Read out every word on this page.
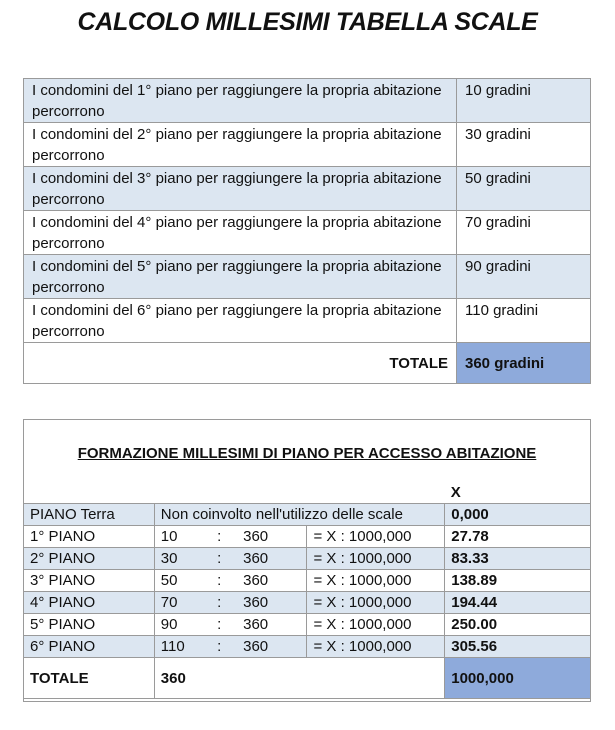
CALCOLO MILLESIMI TABELLA SCALE
I condomini del 1° piano per raggiungere la propria abitazione percorrono	10 gradini
I condomini del 2° piano per raggiungere la propria abitazione percorrono	30 gradini
I condomini del 3° piano per raggiungere la propria abitazione percorrono	50 gradini
I condomini del 4° piano per raggiungere la propria abitazione percorrono	70 gradini
I condomini del 5° piano per raggiungere la propria abitazione percorrono	90 gradini
I condomini del 6° piano per raggiungere la propria abitazione percorrono	110 gradini
TOTALE	360 gradini
FORMAZIONE MILLESIMI DI PIANO PER ACCESSO ABITAZIONE					
					X
PIANO Terra	Non coinvolto nell'utilizzo delle scale				0,000
1° PIANO	10	:	360	= X : 1000,000	27.78
2° PIANO	30	:	360	= X : 1000,000	83.33
3° PIANO	50	:	360	= X : 1000,000	138.89
4° PIANO	70	:	360	= X : 1000,000	194.44
5° PIANO	90	:	360	= X : 1000,000	250.00
6° PIANO	110	:	360	= X : 1000,000	305.56
TOTALE	360				1000,000
